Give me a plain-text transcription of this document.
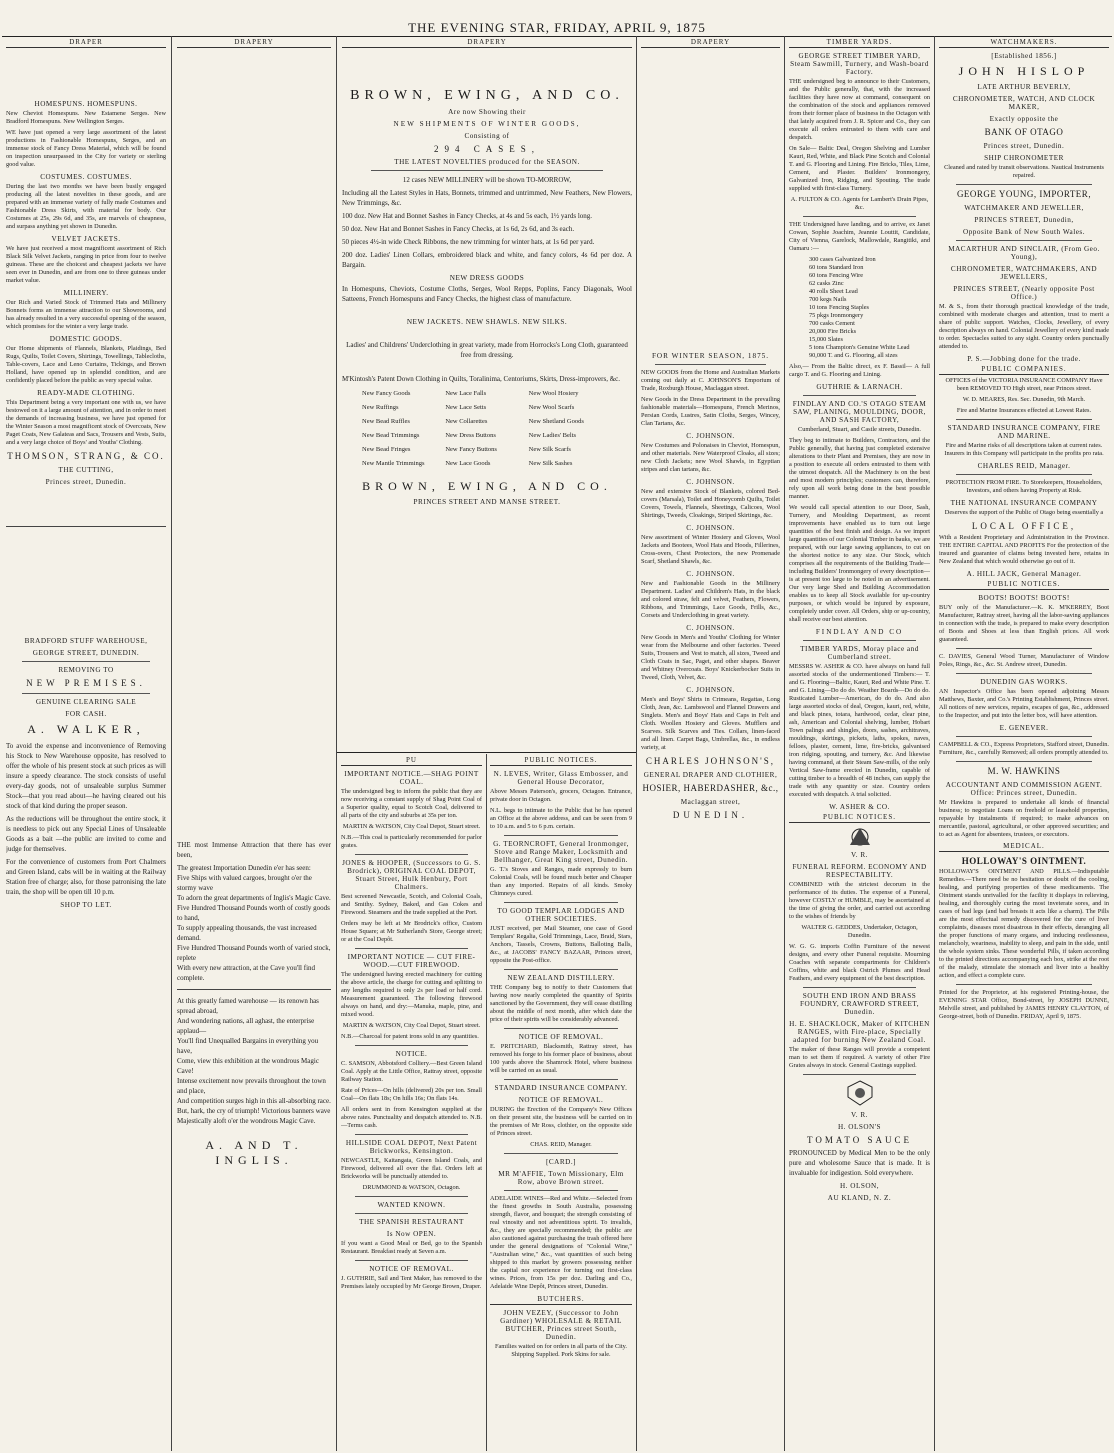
THE EVENING STAR, FRIDAY, APRIL 9, 1875
DRAPER
HOMESPUNS. HOMESPUNS.

New Cheviot Homespuns. New Estamene Serges. New Bradford Homespuns. New Wellington Serges.

WE have just opened a very large assortment of the latest productions in Fashionable Homespuns, Serges, and an immense stock of Fancy Dress Material, which will be found on inspection unsurpassed in the City for variety or sterling good value.

COSTUMES. COSTUMES.

During the last two months we have been busily engaged producing all the latest novelties in these goods, and are prepared with an immense variety of fully made Costumes and Fashionable Dress Skirts, with material for body. Our Costumes at 25s, 29s 6d, and 35s, are marvels of cheapness, and surpass anything yet shown in Dunedin.

VELVET JACKETS.

We have just received a most magnificent assortment of Rich Black Silk Velvet Jackets, ranging in price from four to twelve guineas. These are the choicest and cheapest jackets we have seen ever in Dunedin, and are from one to three guineas under market value.

MILLINERY.

Our Rich and Varied Stock of Trimmed Hats and Millinery Bonnets forms an immense attraction to our Showrooms, and has already resulted in a very successful opening of the season, which promises for the winter a very large trade.

DOMESTIC GOODS.

Our Home shipments of Flannels, Blankets, Plaidings, Bed Rugs, Quilts, Toilet Covers, Shirtings, Towellings, Tablecloths, Table-covers, Lace and Leno Curtains, Tickings, and Brown Holland, have opened up in splendid condition, and are confidently placed before the public as very special value.

READY-MADE CLOTHING.

This Department being a very important one with us, we have bestowed on it a large amount of attention, and in order to meet the demands of increasing business, we have just opened for the Winter Season a most magnificent stock of Overcoats, New Paget Coats, New Galateas and Sacs, Trousers and Vests, Suits, and a very large choice of Boys' and Youths' Clothing.

THOMSON, STRANG, & CO.
THE CUTTING,
Princes street, Dunedin.
BRADFORD STUFF WAREHOUSE,
GEORGE STREET, DUNEDIN.
REMOVING TO
NEW PREMISES.
GENUINE CLEARING SALE
FOR CASH.
A. WALKER,

To avoid the expense and inconvenience of Removing his Stock to New Warehouse opposite, has resolved to offer the whole of his present stock at such prices as will insure a speedy clearance. The stock consists of useful every-day goods, not of unsaleable surplus Summer Stock—that you read about—he having cleared out his stock of that kind during the proper season.

As the reductions will be throughout the entire stock, it is needless to pick out any Special Lines of Unsaleable Goods as a bait —the public are invited to come and judge for themselves.

For the convenience of customers from Port Chalmers and Green Island, cabs will be in waiting at the Railway Station free of charge; also, for those patronising the late train, the shop will be open till 10 p.m.

SHOP TO LET.
DRAPERY

THE most Immense Attraction that there has ever been,

The greatest Importation Dunedin e'er has seen:
Five Ships with valued cargoes, brought o'er the stormy wave
To adorn the great departments of Inglis's Magic Cave.
Five Hundred Thousand Pounds worth of costly goods to hand,
To supply appealing thousands, the vast increased demand.
Five Hundred Thousand Pounds worth of varied stock, replete
With every new attraction, at the Cave you'll find complete.

At this greatly famed warehouse — its renown has spread abroad,
And wondering nations, all aghast, the enterprise applaud—
You'll find Unequalled Bargains in everything you have,
Come, view this exhibition at the wondrous Magic Cave!
Intense excitement now prevails throughout the town and place,
And competition surges high in this all-absorbing race.
But, hark, the cry of triumph! Victorious banners wave
Majestically aloft o'er the wondrous Magic Cave.

A. AND T. INGLIS.
DRAPERY
BROWN, EWING, AND CO.
Are now Showing their
NEW SHIPMENTS OF WINTER GOODS,
Consisting of
294 CASES,
THE LATEST NOVELTIES produced for the SEASON.

12 cases NEW MILLINERY will be shown TO-MORROW,

Including all the Latest Styles in Hats, Bonnets, trimmed and untrimmed, New Feathers, New Flowers, New Trimmings, &c.

100 doz. New Hat and Bonnet Sashes in Fancy Checks, at 4s and 5s each, 1½ yards long.

50 doz. New Hat and Bonnet Sashes in Fancy Checks, at 1s 6d, 2s 6d, and 3s each.

50 pieces 4½-in wide Check Ribbons, the new trimming for winter hats, at 1s 6d per yard.

200 doz. Ladies' Linen Collars, embroidered black and white, and fancy colors, 4s 6d per doz. A Bargain.

NEW DRESS GOODS

In Homespuns, Cheviots, Costume Cloths, Serges, Wool Repps, Poplins, Fancy Diagonals, Wool Satteens, French Homespuns and Fancy Checks, the highest class of manufacture.

NEW JACKETS. NEW SHAWLS. NEW SILKS.

Ladies' and Childrens' Underclothing in great variety, made from Horrocks's Long Cloth, guaranteed free from dressing.

M'Kintosh's Patent Down Clothing in Quilts, Toralinima, Centoriums, Skirts, Dress-improvers, &c.

New Fancy Goods
New Ruffings
New Bead Ruffles
New Bead Trimmings
New Bead Fringes
New Mantle Trimmings
New Lace Falls
New Lace Setts
New Collarettes
New Dress Buttons
New Fancy Buttons
New Lace Goods
New Wool Hosiery
New Wool Scarfs
New Shetland Goods
New Ladies' Belts
New Silk Scarfs
New Silk Sashes
BROWN, EWING, AND CO.
PRINCES STREET AND MANSE STREET.
PU
IMPORTANT NOTICE.—SHAG POINT COAL.

The undersigned beg to inform the public that they are now receiving a constant supply of Shag Point Coal of a Superior quality, equal to Scotch Coal, delivered to all parts of the city and suburbs at 35s per ton.

MARTIN & WATSON, City Coal Depot, Stuart street.

N.B.—This coal is particularly recommended for parlor grates.

JONES & HOOPER, (Successors to G. S. Brodrick), ORIGINAL COAL DEPOT, Stuart Street, Hulk Henbury, Port Chalmers.

Best screened Newcastle, Scotch, and Colonial Coals, and Smithy. Sydney, Baked, and Gas Cokes and Firewood. Steamers and the trade supplied at the Port.

Orders may be left at Mr Brodrick's office, Custom House Square; at Mr Sutherland's Store, George street; or at the Coal Depôt.

IMPORTANT NOTICE — CUT FIRE-WOOD.—CUT FIREWOOD.

The undersigned having erected machinery for cutting the above article, the charge for cutting and splitting to any lengths required is only 2s per load or half cord. Measurement guaranteed. The following firewood always on hand, and dry:—Manuka, maple, pine, and mixed wood.

MARTIN & WATSON, City Coal Depot, Stuart street.

N.B.—Charcoal for patent irons sold in any quantities.

NOTICE.

C. SAMSON, Abbotsford Colliery.—Best Green Island Coal. Apply at the Little Office, Rattray street, opposite Railway Station.

Rate of Prices—On hills (delivered) 20s per ton. Small Coal—On flats 18s; On hills 16s; On flats 14s.

All orders sent in from Kensington supplied at the above rates. Punctuality and despatch attended to. N.B.—Terms cash.

HILLSIDE COAL DEPOT, Next Patent Brickworks, Kensington.

NEWCASTLE, Kaitangata, Green Island Coals, and Firewood, delivered all over the flat. Orders left at Brickworks will be punctually attended to.

DRUMMOND & WATSON, Octagon.

WANTED KNOWN.
THE SPANISH RESTAURANT
Is Now OPEN.

If you want a Good Meal or Bed, go to the Spanish Restaurant. Breakfast ready at Seven a.m.

NOTICE OF REMOVAL.

J. GUTHRIE, Sail and Tent Maker, has removed to the Premises lately occupied by Mr George Brown, Draper.

PUBLIC NOTICES.
N. LEVES, Writer, Glass Embosser, and General House Decorator,

Above Messrs Paterson's, grocers, Octagon. Entrance, private door in Octagon.

N.L. begs to intimate to the Public that he has opened an Office at the above address, and can be seen from 9 to 10 a.m. and 5 to 6 p.m. certain.

G. TEORNCROFT, General Ironmonger, Stove and Range Maker, Locksmith and Bellhanger, Great King street, Dunedin.

G. T.'s Stoves and Ranges, made expressly to burn Colonial Coals, will be found much better and Cheaper than any imported. Repairs of all kinds. Smoky Chimneys cured.

TO GOOD TEMPLAR LODGES AND OTHER SOCIETIES.

JUST received, per Mail Steamer, one case of Good Templars' Regalia, Gold Trimmings, Lace, Braid, Stars, Anchors, Tassels, Crowns, Buttons, Balloting Balls, &c., at JACOBS' FANCY BAZAAR, Princes street, opposite the Post-office.

NEW ZEALAND DISTILLERY.

THE Company beg to notify to their Customers that having now nearly completed the quantity of Spirits sanctioned by the Government, they will cease distilling about the middle of next month, after which date the price of their spirits will be considerably advanced.

NOTICE OF REMOVAL.

E. PRITCHARD, Blacksmith, Rattray street, has removed his forge to his former place of business, about 100 yards above the Shamrock Hotel, where business will be carried on as usual.

STANDARD INSURANCE COMPANY.
NOTICE OF REMOVAL.

DURING the Erection of the Company's New Offices on their present site, the business will be carried on in the premises of Mr Ross, clothier, on the opposite side of Princes street.

CHAS. REID, Manager.

[CARD.]
MR M'AFFIE, Town Missionary, Elm Row, above Brown street.

ADELAIDE WINES—Red and White.—Selected from the finest growths in South Australia, possessing strength, flavor, and bouquet; the strength consisting of real vinosity and not adventitious spirit. To invalids, &c., they are specially recommended; the public are also cautioned against purchasing the trash offered here under the general designations of "Colonial Wine," "Australian wine," &c., vast quantities of such being shipped to this market by growers possessing neither the capital nor experience for turning out first-class wines. Prices, from 15s per doz. Darling and Co., Adelaide Wine Depôt, Princes street, Dunedin.

BUTCHERS.
JOHN VEZEY, (Successor to John Gardiner) WHOLESALE & RETAIL BUTCHER, Princes street South, Dunedin.

Families waited on for orders in all parts of the City. Shipping Supplied. Pork Skins for sale.

DRAPERY
FOR WINTER SEASON, 1875.

NEW GOODS from the Home and Australian Markets coming out daily at C. JOHNSON'S Emporium of Trade, Roxburgh House, Maclaggan street.

New Goods in the Dress Department in the prevailing fashionable materials—Homespuns, French Merinos, Persian Cords, Lustres, Satin Cloths, Serges, Wincey, Clan Tartans, &c.

C. JOHNSON.

New Costumes and Polonaises in Cheviot, Homespun, and other materials. New Waterproof Cloaks, all sizes; new Cloth Jackets; new Wool Shawls, in Egyptian stripes and clan tartans, &c.

C. JOHNSON.

New and extensive Stock of Blankets, colored Bed-covers (Marsala), Toilet and Honeycomb Quilts, Toilet Covers, Towels, Flannels, Sheetings, Calicoes, Wool Shirtings, Tweeds, Cloakings, Striped Skirtings, &c.

C. JOHNSON.

New assortment of Winter Hosiery and Gloves, Wool Jackets and Bootees, Wool Hats and Hoods, Fillerines, Cross-overs, Chest Protectors, the new Promenade Scarf, Shetland Shawls, &c.

C. JOHNSON.

New and Fashionable Goods in the Millinery Department. Ladies' and Children's Hats, in the black and colored straw, felt and velvet, Feathers, Flowers, Ribbons, and Trimmings, Lace Goods, Frills, &c., Corsets and Underclothing in great variety.

C. JOHNSON.

New Goods in Men's and Youths' Clothing for Winter wear from the Melbourne and other factories. Tweed Suits, Trousers and Vest to match, all sizes, Tweed and Cloth Coats in Sac, Paget, and other shapes. Beaver and Whitney Overcoats. Boys' Knickerbocker Suits in Tweed, Cloth, Velvet, &c.

C. JOHNSON.

Men's and Boys' Shirts in Crimeans, Regattas, Long Cloth, Jean, &c. Lambswool and Flannel Drawers and Singlets. Men's and Boys' Hats and Caps in Felt and Cloth. Woollen Hosiery and Gloves. Mufflers and Scarves. Silk Scarves and Ties. Collars, linen-faced and all linen. Carpet Bags, Umbrellas, &c., in endless variety, at

CHARLES JOHNSON'S,
GENERAL DRAPER AND CLOTHIER,
HOSIER, HABERDASHER, &c.,
Maclaggan street,
DUNEDIN.
TIMBER YARDS.
GEORGE STREET TIMBER YARD, Steam Sawmill, Turnery, and Wash-board Factory.

THE undersigned beg to announce to their Customers, and the Public generally, that, with the increased facilities they have now at command, consequent on the combination of the stock and appliances removed from their former place of business in the Octagon with that lately acquired from J. R. Spicer and Co., they can execute all orders entrusted to them with care and despatch.

On Sale— Baltic Deal, Oregon Shelving and Lumber Kauri, Red, White, and Black Pine Scotch and Colonial T. and G. Flooring and Lining. Fire Bricks, Tiles, Lime, Cement, and Plaster. Builders' Ironmongery, Galvanized Iron, Ridging, and Spouting. The trade supplied with first-class Turnery.

A. FULTON & CO. Agents for Lambert's Drain Pipes, &c.

THE Undersigned have landing, and to arrive, ex Janet Cowan, Sophie Joachim, Jeannie Louttit, Candidate, City of Vienna, Garelock, Mallowdale, Rangitiki, and Oamaru :—

300 cases Galvanized Iron
60 tons Standard Iron
60 tons Fencing Wire
62 casks Zinc
40 rolls Sheet Lead
700 kegs Nails
10 tons Fencing Staples
75 pkgs Ironmongery
700 casks Cement
20,000 Fire Bricks
15,000 Slates
5 tons Champion's Genuine White Lead
90,000 T. and G. Flooring, all sizes

Also,— From the Baltic direct, ex F. Bassil— A full cargo T. and G. Flooring and Lining.

GUTHRIE & LARNACH.
FINDLAY AND CO.'S OTAGO STEAM SAW, PLANING, MOULDING, DOOR, AND SASH FACTORY,

Cumberland, Stuart, and Castle streets, Dunedin.

They beg to intimate to Builders, Contractors, and the Public generally, that having just completed extensive alterations to their Plant and Premises, they are now in a position to execute all orders entrusted to them with the utmost despatch. All the Machinery is on the best and most modern principles; customers can, therefore, rely upon all work being done in the best possible manner.

We would call special attention to our Door, Sash, Turnery, and Moulding Department, as recent improvements have enabled us to turn out large quantities of the best finish and design. As we import large quantities of our Colonial Timber in bauks, we are prepared, with our large sawing appliances, to cut on the shortest notice to any size. Our Stock, which comprises all the requirements of the Building Trade—including Builders' Ironmongery of every description—is at present too large to be noted in an advertisement. Our very large Shed and Building Accommodation enables us to keep all Stock available for up-country purposes, or which would be injured by exposure, completely under cover. All Orders, ship or up-country, shall receive our best attention.

FINDLAY AND CO
TIMBER YARDS, Moray place and Cumberland street.

MESSRS W. ASHER & CO. have always on hand full assorted stocks of the undermentioned Timbers:— T. and G. Flooring—Baltic, Kauri, Red and White Pine. T. and G. Lining—Do do do. Weather Boards—Do do do. Rusticated Lumber—American, do do do. And also large assorted stocks of deal, Oregon, kauri, red, white, and black pines, totara, hardwood, cedar, clear pine, ash, American and Colonial shelving, lumber, Hobart Town palings and shingles, doors, sashes, architraves, mouldings, skirtings, pickets, laths, spokes, naves, felloes, plaster, cement, lime, fire-bricks, galvanised iron ridging, spouting, and turnery, &c. And likewise having command, at their Steam Saw-mills, of the only Vertical Saw-frame erected in Dunedin, capable of cutting timber to a breadth of 48 inches, can supply the trade with any quantity or size. Country orders executed with despatch. A trial solicited.

W. ASHER & CO.
PUBLIC NOTICES.
V. R.
FUNERAL REFORM. ECONOMY AND RESPECTABILITY.

COMBINED with the strictest decorum in the performance of its duties. The expense of a Funeral, however COSTLY or HUMBLE, may be ascertained at the time of giving the order, and carried out according to the wishes of friends by

WALTER G. GEDDES, Undertaker, Octagon, Dunedin.

W. G. G. imports Coffin Furniture of the newest designs, and every other Funeral requisite. Mourning Coaches with separate compartments for Children's Coffins, white and black Ostrich Plumes and Head Feathers, and every equipment of the best description.

SOUTH END IRON AND BRASS FOUNDRY, CRAWFORD STREET, Dunedin.
H. E. SHACKLOCK, Maker of KITCHEN RANGES, with Fire-place, Specially adapted for burning New Zealand Coal.

The maker of these Ranges will provide a competent man to set them if required. A variety of other Fire Grates always in stock. General Castings supplied.

V. R.
H. OLSON'S
TOMATO SAUCE

PRONOUNCED by Medical Men to be the only pure and wholesome Sauce that is made. It is invaluable for indigestion. Sold everywhere.

H. OLSON,
AU KLAND, N. Z.
WATCHMAKERS.
[Established 1856.]
JOHN HISLOP
LATE ARTHUR BEVERLY,
CHRONOMETER, WATCH, AND CLOCK MAKER,
Exactly opposite the
BANK OF OTAGO
Princes street, Dunedin.
SHIP CHRONOMETER

Cleaned and rated by transit observations. Nautical Instruments repaired.

GEORGE YOUNG, IMPORTER,
WATCHMAKER AND JEWELLER,
PRINCES STREET, Dunedin,
Opposite Bank of New South Wales.
MACARTHUR AND SINCLAIR, (From Geo. Young),
CHRONOMETER, WATCHMAKERS, AND JEWELLERS,
PRINCES STREET, (Nearly opposite Post Office.)

M. & S., from their thorough practical knowledge of the trade, combined with moderate charges and attention, trust to merit a share of public support. Watches, Clocks, Jewellery, of every description always on hand. Colonial Jewellery of every kind made to order. Spectacles suited to any sight. Country orders punctually attended to.

P. S.—Jobbing done for the trade.
PUBLIC COMPANIES.

OFFICES of the VICTORIA INSURANCE COMPANY Have been REMOVED TO High street, near Princes street.

W. D. MEARES, Res. Sec. Dunedin, 9th March.

Fire and Marine Insurances effected at Lowest Rates.

STANDARD INSURANCE COMPANY, FIRE AND MARINE.

Fire and Marine risks of all descriptions taken at current rates. Insurers in this Company will participate in the profits pro rata.

CHARLES REID, Manager.

PROTECTION FROM FIRE. To Storekeepers, Householders, Investors, and others having Property at Risk.

THE NATIONAL INSURANCE COMPANY

Deserves the support of the Public of Otago being essentially a

LOCAL OFFICE,

With a Resident Proprietary and Administration in the Province. THE ENTIRE CAPITAL AND PROFITS For the protection of the insured and guarantee of claims being invested here, retains in New Zealand that which would otherwise go out of it.

A. HILL JACK, General Manager.
PUBLIC NOTICES.
BOOTS! BOOTS! BOOTS!

BUY only of the Manufacturer.—K. K. M'KERREY, Boot Manufacturer, Rattray street, having all the labor-saving appliances in connection with the trade, is prepared to make every description of Boots and Shoes at less than English prices. All work guaranteed.

C. DAVIES, General Wood Turner, Manufacturer of Window Poles, Rings, &c., &c. St. Andrew street, Dunedin.

DUNEDIN GAS WORKS.

AN Inspector's Office has been opened adjoining Messrs Matthews, Baxter, and Co.'s Printing Establishment, Princes street. All notices of new services, repairs, escapes of gas, &c., addressed to the Inspector, and put into the letter box, will have attention.

E. GENEVER.

CAMPBELL & CO., Express Proprietors, Stafford street, Dunedin. Furniture, &c., carefully Removed; all orders promptly attended to.

M. W. HAWKINS
ACCOUNTANT AND COMMISSION AGENT. Office: Princes street, Dunedin.

Mr Hawkins is prepared to undertake all kinds of financial business; to negotiate Loans on freehold or leasehold properties, repayable by instalments if required; to make advances on mercantile, pastoral, agricultural, or other approved securities; and to act as Agent for absentees, trustees, or executors.

MEDICAL.
HOLLOWAY'S OINTMENT.

HOLLOWAY'S OINTMENT AND PILLS.—Indisputable Remedies.—There need be no hesitation or doubt of the cooling, healing, and purifying properties of these medicaments. The Ointment stands unrivalled for the facility it displays in relieving, healing, and thoroughly curing the most inveterate sores, and in cases of bad legs (and bad breasts it acts like a charm). The Pills are the most effectual remedy discovered for the cure of liver complaints, diseases most disastrous in their effects, deranging all the proper functions of many organs, and inducing restlessness, melancholy, weariness, inability to sleep, and pain in the side, until the whole system sinks. These wonderful Pills, if taken according to the printed directions accompanying each box, strike at the root of the malady, stimulate the stomach and liver into a healthy action, and effect a complete cure.

Printed for the Proprietor, at his registered Printing-house, the EVENING STAR Office, Bond-street, by JOSEPH DUNNE, Melville street, and published by JAMES HENRY CLAYTON, of George-street, both of Dunedin. FRIDAY, April 9, 1875.
